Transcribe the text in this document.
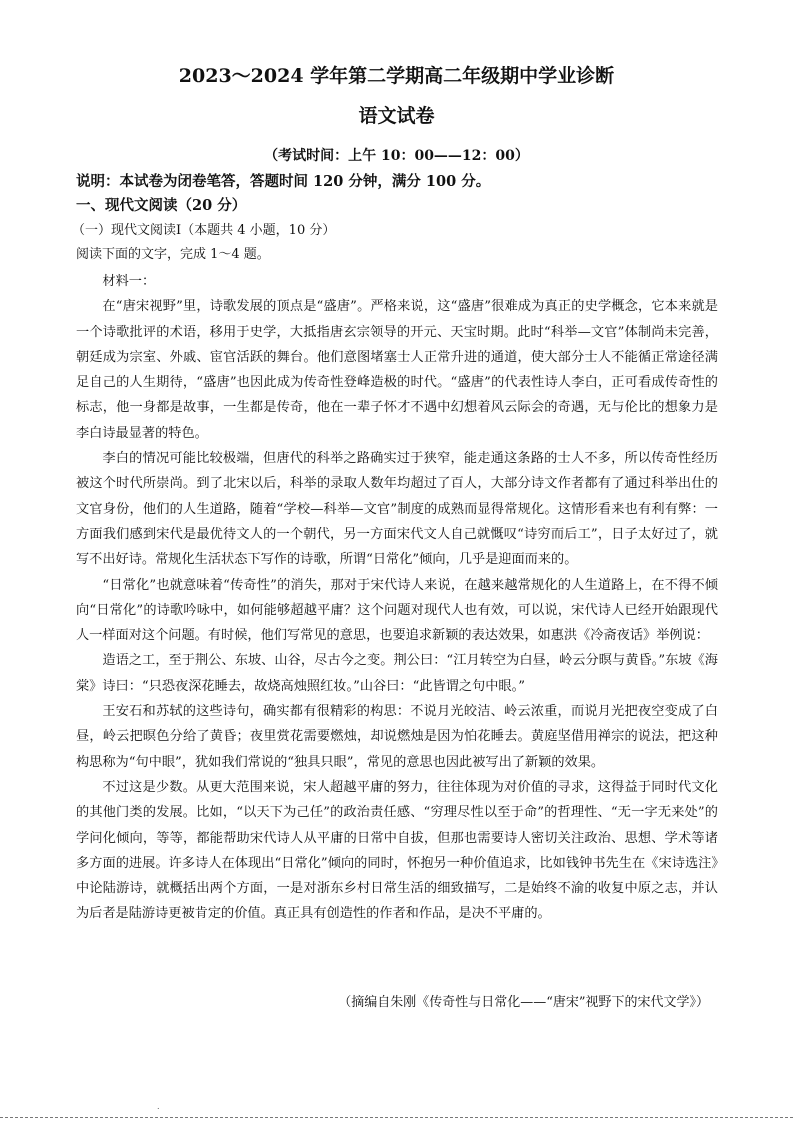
2023～2024 学年第二学期高二年级期中学业诊断
语文试卷
（考试时间：上午 10：00——12：00）
说明：本试卷为闭卷笔答，答题时间 120 分钟，满分 100 分。
一、现代文阅读（20 分）
（一）现代文阅读Ⅰ（本题共 4 小题，10 分）
阅读下面的文字，完成 1～4 题。

材料一：

在“唐宋视野”里，诗歌发展的顶点是“盛唐”。严格来说，这“盛唐”很难成为真正的史学概念，它本来就是一个诗歌批评的术语，移用于史学，大抵指唐玄宗领导的开元、天宝时期。此时“科举—文官”体制尚未完善，朝廷成为宗室、外戚、宦官活跃的舞台。他们意图堵塞士人正常升进的通道，使大部分士人不能循正常途径满足自己的人生期待，“盛唐”也因此成为传奇性登峰造极的时代。“盛唐”的代表性诗人李白，正可看成传奇性的标志，他一身都是故事，一生都是传奇，他在一辈子怀才不遇中幻想着风云际会的奇遇，无与伦比的想象力是李白诗最显著的特色。

李白的情况可能比较极端，但唐代的科举之路确实过于狭窄，能走通这条路的士人不多，所以传奇性经历被这个时代所崇尚。到了北宋以后，科举的录取人数年均超过了百人，大部分诗文作者都有了通过科举出仕的文官身份，他们的人生道路，随着“学校—科举—文官”制度的成熟而显得常规化。这情形看来也有利有弊：一方面我们感到宋代是最优待文人的一个朝代，另一方面宋代文人自己就慨叹“诗穷而后工”，日子太好过了，就写不出好诗。常规化生活状态下写作的诗歌，所谓“日常化”倾向，几乎是迎面而来的。

“日常化”也就意味着“传奇性”的消失，那对于宋代诗人来说，在越来越常规化的人生道路上，在不得不倾向“日常化”的诗歌吟咏中，如何能够超越平庸？这个问题对现代人也有效，可以说，宋代诗人已经开始跟现代人一样面对这个问题。有时候，他们写常见的意思，也要追求新颖的表达效果，如惠洪《冷斋夜话》举例说：

造语之工，至于荆公、东坡、山谷，尽古今之变。荆公曰：“江月转空为白昼，岭云分暝与黄昏。”东坡《海棠》诗曰：“只恐夜深花睡去，故烧高烛照红妆。”山谷曰：“此皆谓之句中眼。”

王安石和苏轼的这些诗句，确实都有很精彩的构思：不说月光皎洁、岭云浓重，而说月光把夜空变成了白昼，岭云把暝色分给了黄昏；夜里赏花需要燃烛，却说燃烛是因为怕花睡去。黄庭坚借用禅宗的说法，把这种构思称为“句中眼”，犹如我们常说的“独具只眼”，常见的意思也因此被写出了新颖的效果。

不过这是少数。从更大范围来说，宋人超越平庸的努力，往往体现为对价值的寻求，这得益于同时代文化的其他门类的发展。比如，“以天下为己任”的政治责任感、“穷理尽性以至于命”的哲理性、“无一字无来处”的学问化倾向，等等，都能帮助宋代诗人从平庸的日常中自拔，但那也需要诗人密切关注政治、思想、学术等诸多方面的进展。许多诗人在体现出“日常化”倾向的同时，怀抱另一种价值追求，比如钱钟书先生在《宋诗选注》中论陆游诗，就概括出两个方面，一是对浙东乡村日常生活的细致描写，二是始终不渝的收复中原之志，并认为后者是陆游诗更被肯定的价值。真正具有创造性的作者和作品，是决不平庸的。

（摘编自朱刚《传奇性与日常化——“唐宋”视野下的宋代文学》）
.
